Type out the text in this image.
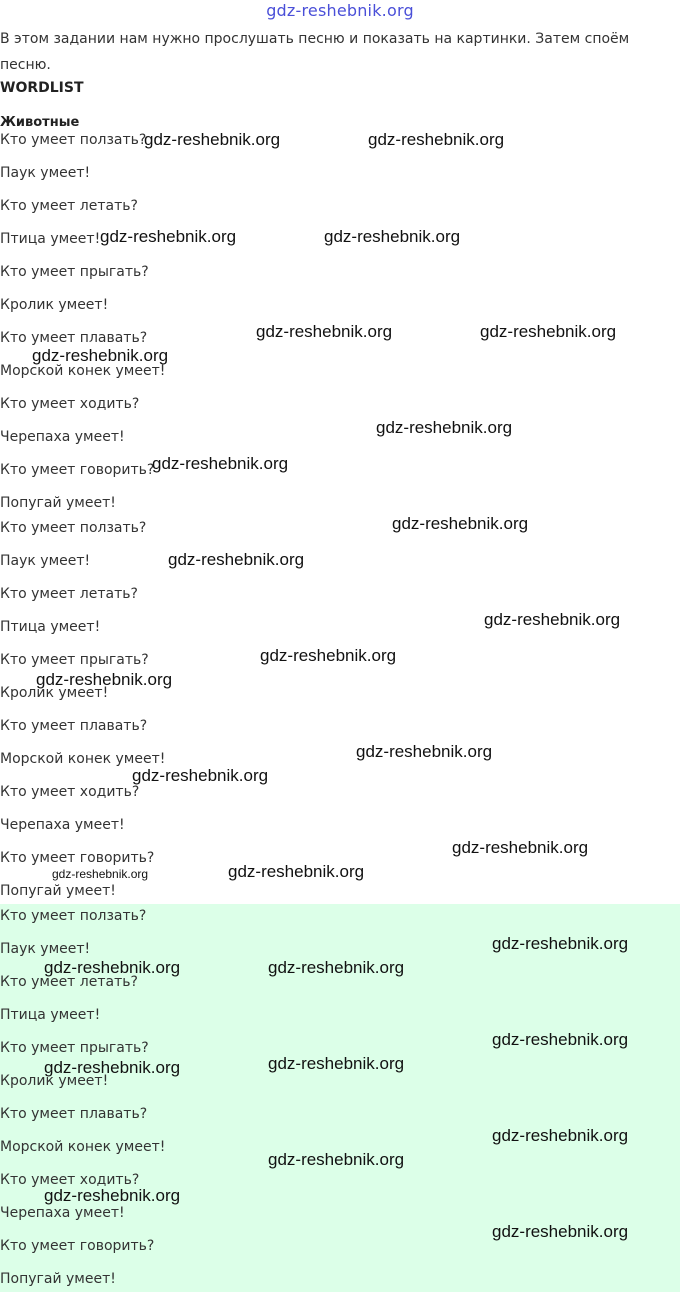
gdz-reshebnik.org
В этом задании нам нужно прослушать песню и показать на картинки. Затем споём песню.
WORDLIST
Животные
Кто умеет ползать?
Паук умеет!
Кто умеет летать?
Птица умеет!
Кто умеет прыгать?
Кролик умеет!
Кто умеет плавать?
Морской конек умеет!
Кто умеет ходить?
Черепаха умеет!
Кто умеет говорить?
Попугай умеет!
Кто умеет ползать?
Паук умеет!
Кто умеет летать?
Птица умеет!
Кто умеет прыгать?
Кролик умеет!
Кто умеет плавать?
Морской конек умеет!
Кто умеет ходить?
Черепаха умеет!
Кто умеет говорить?
Попугай умеет!
Кто умеет ползать?
Паук умеет!
Кто умеет летать?
Птица умеет!
Кто умеет прыгать?
Кролик умеет!
Кто умеет плавать?
Морской конек умеет!
Кто умеет ходить?
Черепаха умеет!
Кто умеет говорить?
Попугай умеет!
gdz-reshebnik.org	gdz-reshebnik.org
gdz-reshebnik.org	gdz-reshebnik.org
gdz-reshebnik.org	gdz-reshebnik.org
gdz-reshebnik.org
gdz-reshebnik.org
gdz-reshebnik.org
gdz-reshebnik.org
gdz-reshebnik.org
gdz-reshebnik.org
gdz-reshebnik.org
gdz-reshebnik.org
gdz-reshebnik.org
gdz-reshebnik.org
gdz-reshebnik.org
gdz-reshebnik.org	gdz-reshebnik.org
gdz-reshebnik.org
gdz-reshebnik.org	gdz-reshebnik.org
gdz-reshebnik.org
gdz-reshebnik.org
gdz-reshebnik.org
gdz-reshebnik.org
gdz-reshebnik.org
gdz-reshebnik.org
gdz-reshebnik.org
